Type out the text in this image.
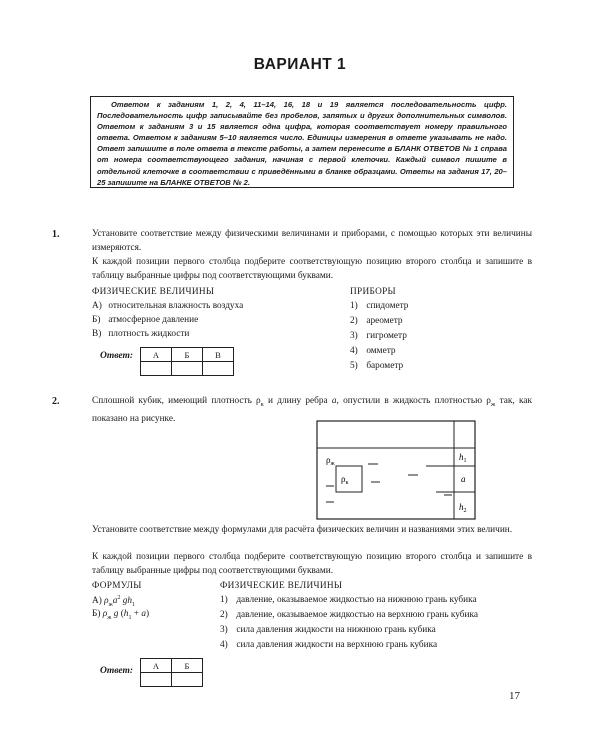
ВАРИАНТ 1

Ответом к заданиям 1, 2, 4, 11–14, 16, 18 и 19 является последовательность цифр. Последовательность цифр записывайте без пробелов, запятых и других дополнительных символов. Ответом к заданиям 3 и 15 является одна цифра, которая соответствует номеру правильного ответа. Ответом к заданиям 5–10 является число. Единицы измерения в ответе указывать не надо. Ответ запишите в поле ответа в тексте работы, а затем перенесите в БЛАНК ОТВЕТОВ № 1 справа от номера соответствующего задания, начиная с первой клеточки. Каждый символ пишите в отдельной клеточке в соответствии с приведёнными в бланке образцами. Ответы на задания 17, 20–25 запишите на БЛАНКЕ ОТВЕТОВ № 2.

1.	Установите соответствие между физическими величинами и приборами, с помощью которых эти величины измеряются.

К каждой позиции первого столбца подберите соответствующую позицию второго столбца и запишите в таблицу выбранные цифры под соответствующими буквами.

ФИЗИЧЕСКИЕ ВЕЛИЧИНЫ	ПРИБОРЫ
А) относительная влажность воздуха
Б) атмосферное давление
В) плотность жидкости
1) спидометр
2) ареометр
3) гигрометр
4) омметр
5) барометр
Ответ: А	Б	В

2.	Сплошной кубик, имеющий плотность $\rho_к$ и длину ребра a, опустили в жидкость плотностью $\rho_ж$ так, как показано на рисунке.

$\rho_ж$
$\rho_к$
$h_1$
a
$h_2$

Установите соответствие между формулами для расчёта физических величин и названиями этих величин.

К каждой позиции первого столбца подберите соответствующую позицию второго столбца и запишите в таблицу выбранные цифры под соответствующими буквами.

ФОРМУЛЫ	ФИЗИЧЕСКИЕ ВЕЛИЧИНЫ
А) $\rho_жa^2$ $gh_1$
Б) $\rho_ж$ g $(h_1 + a)$
1) давление, оказываемое жидкостью на нижнюю грань кубика
2) давление, оказываемое жидкостью на верхнюю грань кубика
3) сила давления жидкости на нижнюю грань кубика
4) сила давления жидкости на верхнюю грань кубика
Ответ:
А	Б

17
